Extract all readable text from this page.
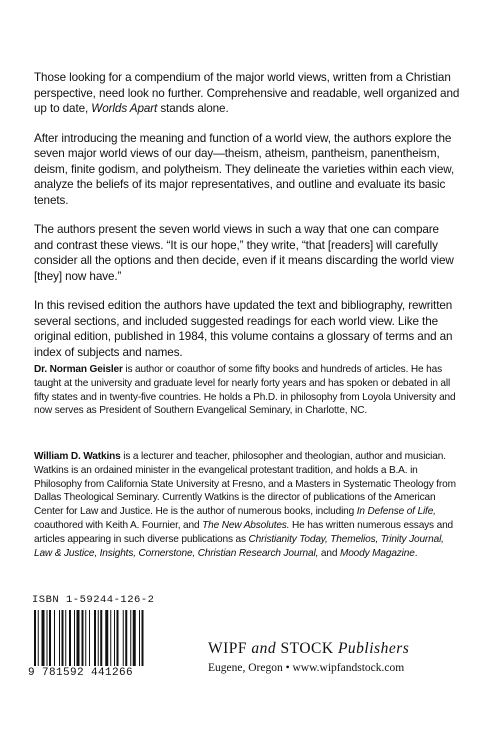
Those looking for a compendium of the major world views, written from a Christian perspective, need look no further. Comprehensive and readable, well organized and up to date, Worlds Apart stands alone.

After introducing the meaning and function of a world view, the authors explore the seven major world views of our day—theism, atheism, pantheism, panentheism, deism, finite godism, and polytheism. They delineate the varieties within each view, analyze the beliefs of its major representatives, and outline and evaluate its basic tenets.

The authors present the seven world views in such a way that one can compare and contrast these views. “It is our hope,” they write, “that [readers] will carefully consider all the options and then decide, even if it means discarding the world view [they] now have.”

In this revised edition the authors have updated the text and bibliography, rewritten several sections, and included suggested readings for each world view. Like the original edition, published in 1984, this volume contains a glossary of terms and an index of subjects and names.

Dr. Norman Geisler is author or coauthor of some fifty books and hundreds of articles. He has taught at the university and graduate level for nearly forty years and has spoken or debated in all fifty states and in twenty-five countries. He holds a Ph.D. in philosophy from Loyola University and now serves as President of Southern Evangelical Seminary, in Charlotte, NC.

William D. Watkins is a lecturer and teacher, philosopher and theologian, author and musician. Watkins is an ordained minister in the evangelical protestant tradition, and holds a B.A. in Philosophy from California State University at Fresno, and a Masters in Systematic Theology from Dallas Theological Seminary. Currently Watkins is the director of publications of the American Center for Law and Justice. He is the author of numerous books, including In Defense of Life, coauthored with Keith A. Fournier, and The New Absolutes. He has written numerous essays and articles appearing in such diverse publications as Christianity Today, Themelios, Trinity Journal, Law & Justice, Insights, Cornerstone, Christian Research Journal, and Moody Magazine.

ISBN 1-59244-126-2
9 781592 441266
WIPF and STOCK Publishers
Eugene, Oregon • www.wipfandstock.com
